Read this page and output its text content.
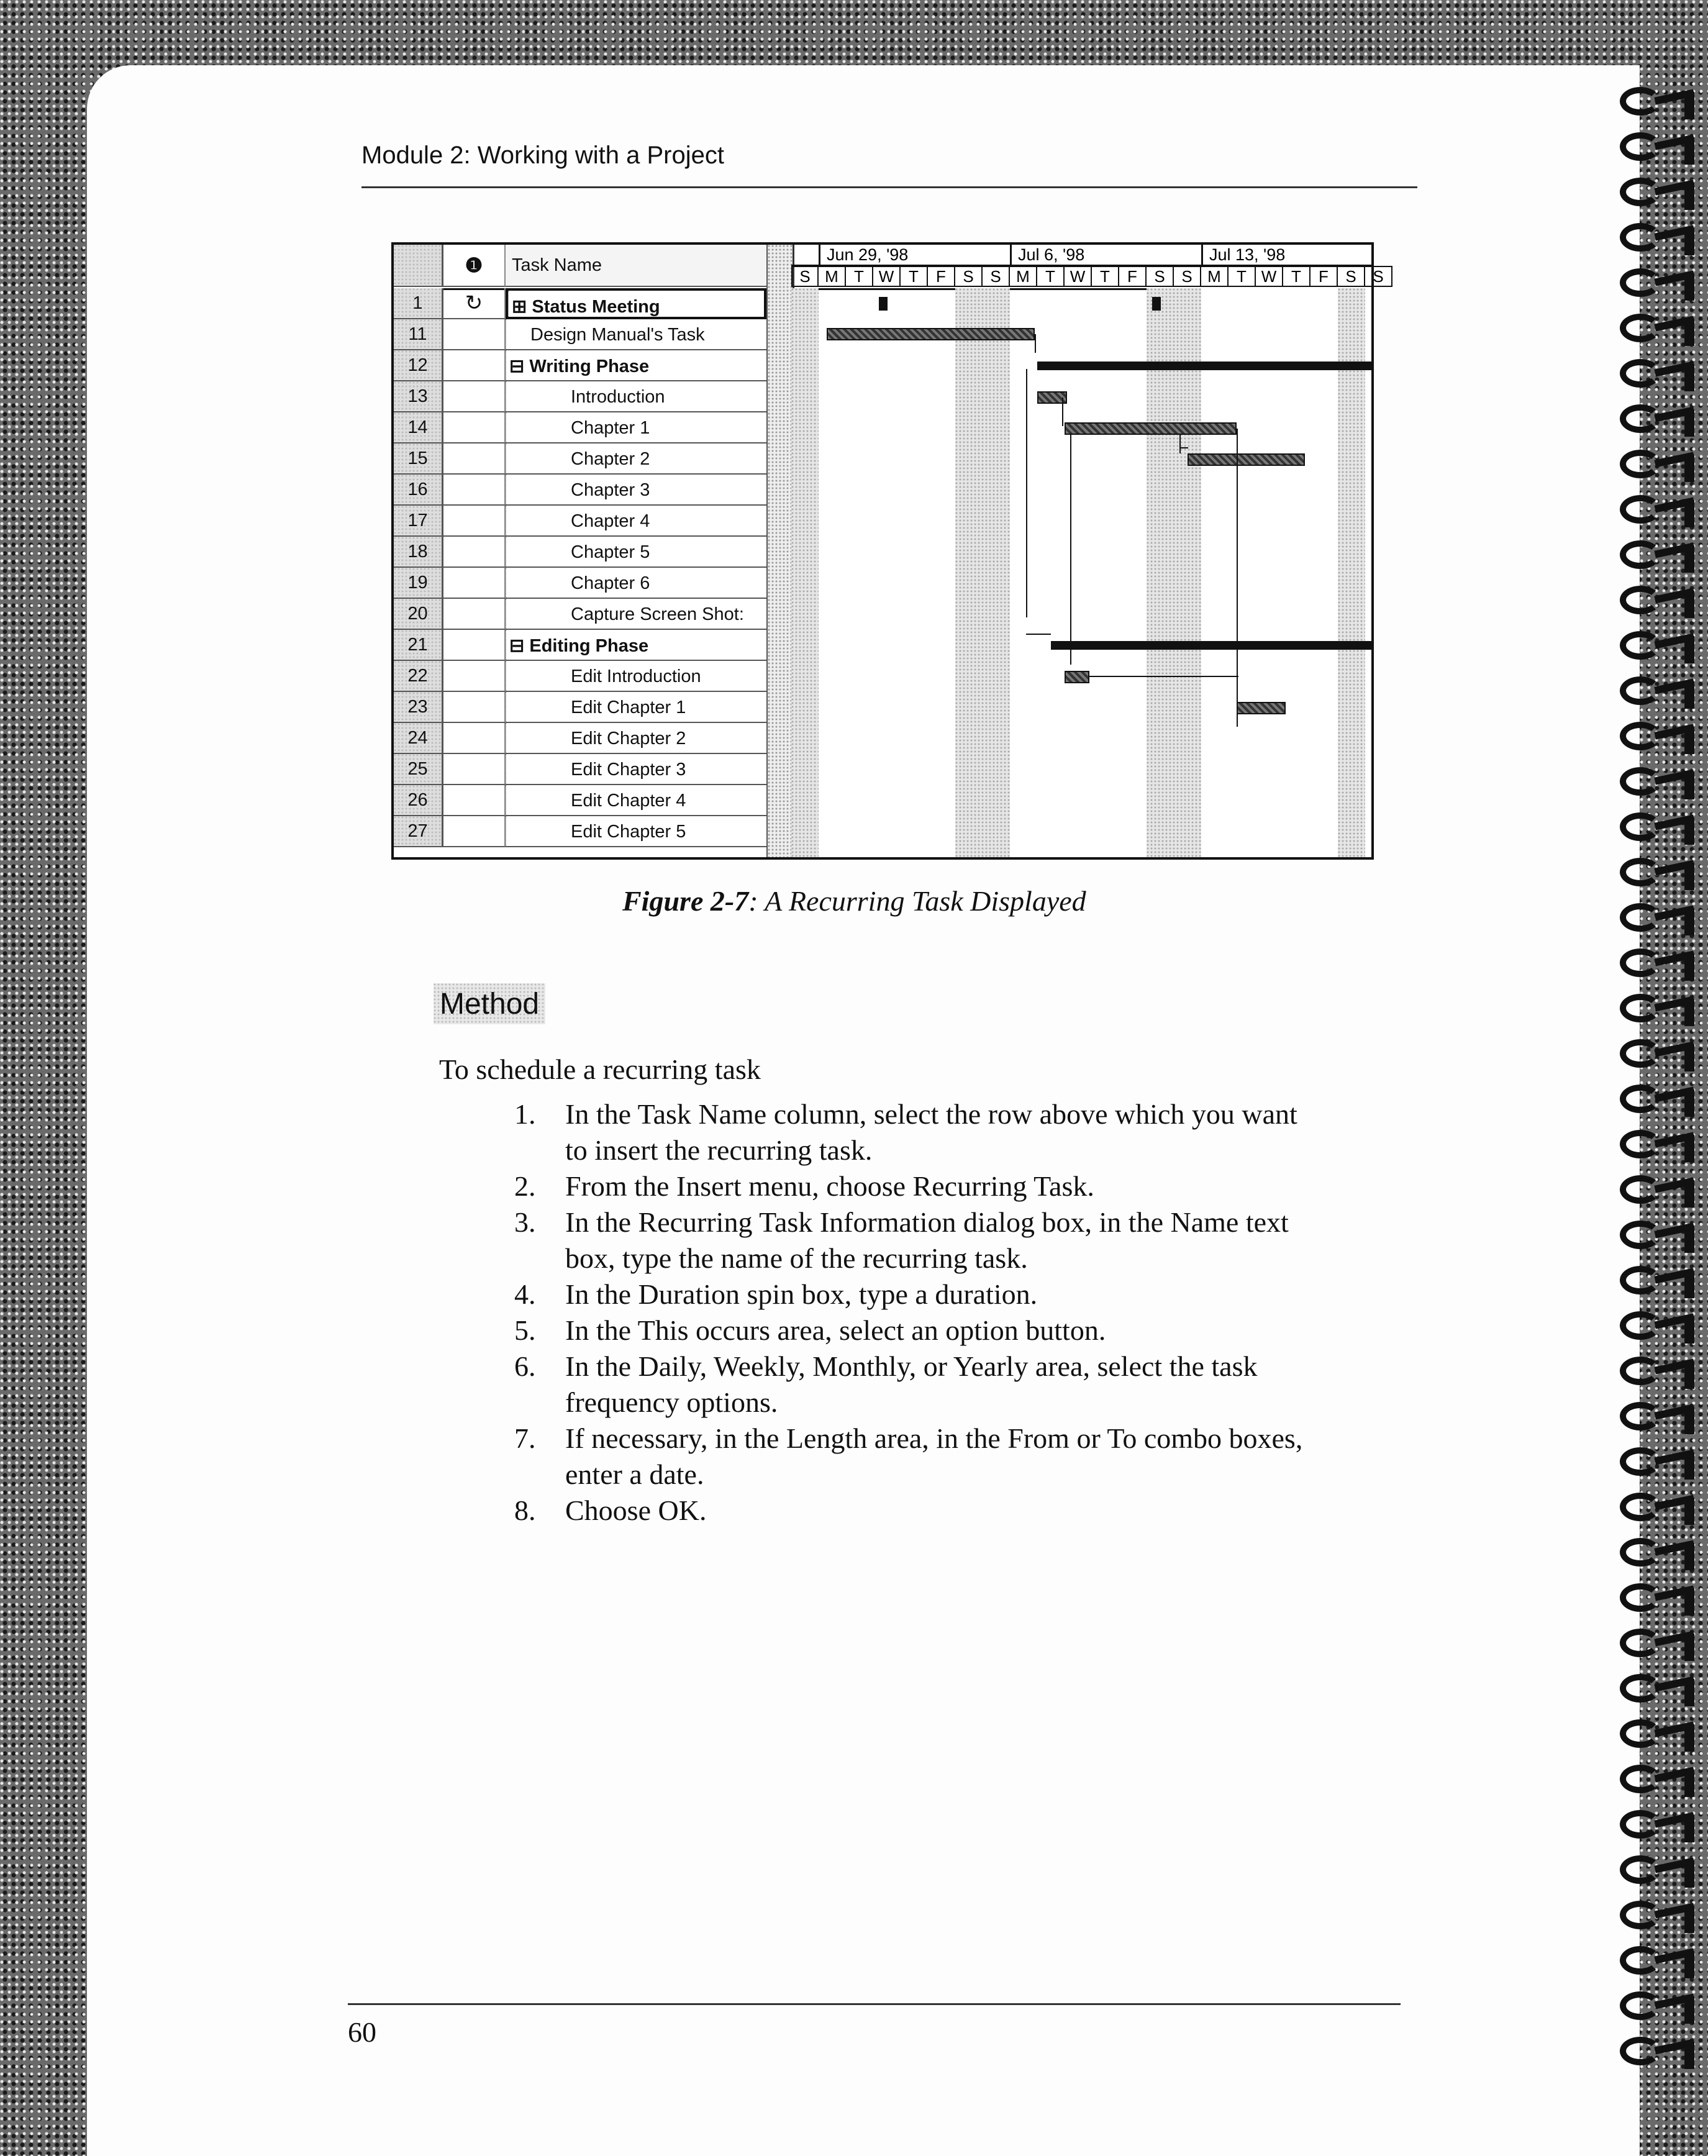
Module 2: Working with a Project
❶	Task Name
1	↻	⊞ Status Meeting
11	Design Manual's Task
12	⊟ Writing Phase
13	Introduction
14	Chapter 1
15	Chapter 2
16	Chapter 3
17	Chapter 4
18	Chapter 5
19	Chapter 6
20	Capture Screen Shot:
21	⊟ Editing Phase
22	Edit Introduction
23	Edit Chapter 1
24	Edit Chapter 2
25	Edit Chapter 3
26	Edit Chapter 4
27	Edit Chapter 5
Jun 29, '98	Jul 6, '98	Jul 13, '98
S M T W T	F	S	S M T W T	F	S	S M T W T	F	S	S
Figure 2-7: A Recurring Task Displayed
Method
To schedule a recurring task
1. In the Task Name column, select the row above which you want to insert the recurring task.
2. From the Insert menu, choose Recurring Task.
3. In the Recurring Task Information dialog box, in the Name text box, type the name of the recurring task.
4. In the Duration spin box, type a duration.
5. In the This occurs area, select an option button.
6. In the Daily, Weekly, Monthly, or Yearly area, select the task frequency options.
7. If necessary, in the Length area, in the From or To combo boxes, enter a date.
8. Choose OK.
60
